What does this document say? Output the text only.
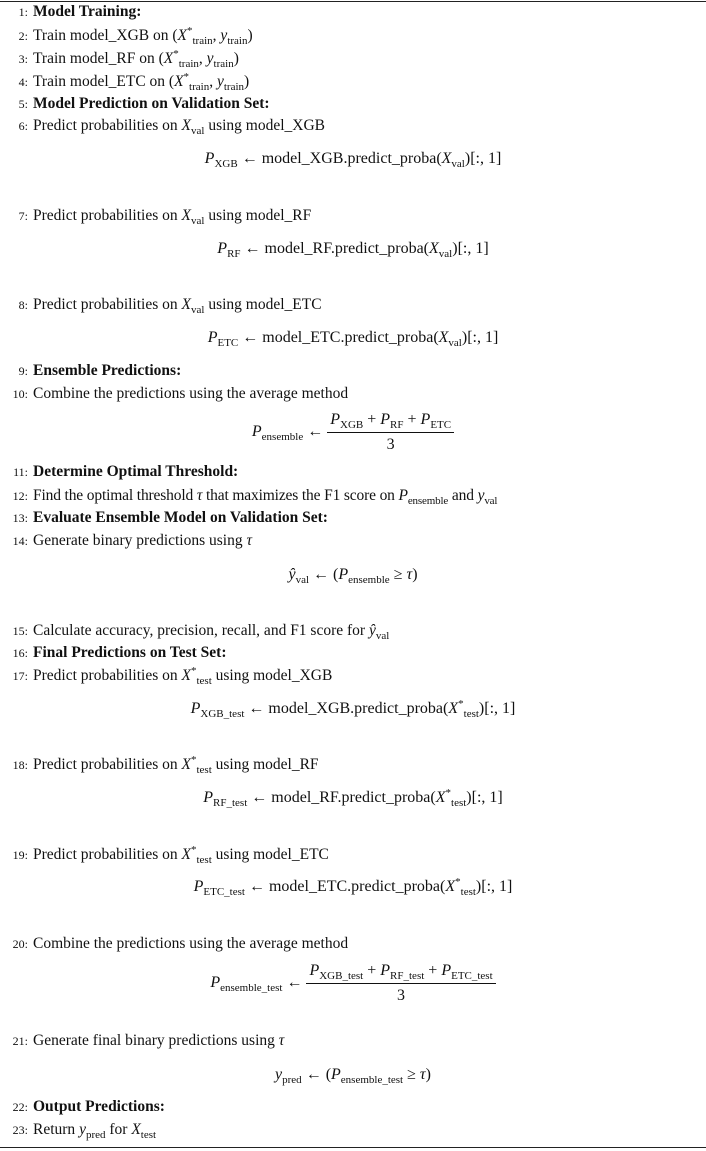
1: Model Training:
2: Train model_XGB on ($X^*_{train}$, $y_{train}$)
3: Train model_RF on ($X^*_{train}$, $y_{train}$)
4: Train model_ETC on ($X^*_{train}$, $y_{train}$)
5: Model Prediction on Validation Set:
6: Predict probabilities on $X_{val}$ using model_XGB
$P_{XGB}$ ← $model\_XGB.predict\_proba(X_{val})$[:, 1]
7: Predict probabilities on $X_{val}$ using model_RF
$P_{RF}$ ← $model\_RF.predict\_proba(X_{val})$[:, 1]
8: Predict probabilities on $X_{val}$ using model_ETC
$P_{ETC}$ ← $model\_ETC.predict\_proba(X_{val})$[:, 1]
9: Ensemble Predictions:
10: Combine the predictions using the average method
$P_{ensemble}$ ← $\frac{P_{XGB} + P_{RF} + P_{ETC}}{3}$
11: Determine Optimal Threshold:
12: Find the optimal threshold τ that maximizes the F1 score on $P_{ensemble}$ and $y_{val}$
13: Evaluate Ensemble Model on Validation Set:
14: Generate binary predictions using τ
$ŷ_{val}$ ← $(P_{ensemble} \ge \tau)$
15: Calculate accuracy, precision, recall, and F1 score for $ŷ_{val}$
16: Final Predictions on Test Set:
17: Predict probabilities on $X^*_{test}$ using model_XGB
$P_{XGB\_test}$ ← $model\_XGB.predict\_proba(X^*_{test})$[:, 1]
18: Predict probabilities on $X^*_{test}$ using model_RF
$P_{RF\_test}$ ← $model\_RF.predict\_proba(X^*_{test})$[:, 1]
19: Predict probabilities on $X^*_{test}$ using model_ETC
$P_{ETC\_test}$ ← $model\_ETC.predict\_proba(X^*_{test})$[:, 1]
20: Combine the predictions using the average method
$P_{ensemble\_test}$ ← $\frac{P_{XGB\_test} + P_{RF\_test} + P_{ETC\_test}}{3}$
21: Generate final binary predictions using τ
$y_{pred}$ ← $(P_{ensemble\_test} \ge \tau)$
22: Output Predictions:
23: Return $y_{pred}$ for $X_{test}$
